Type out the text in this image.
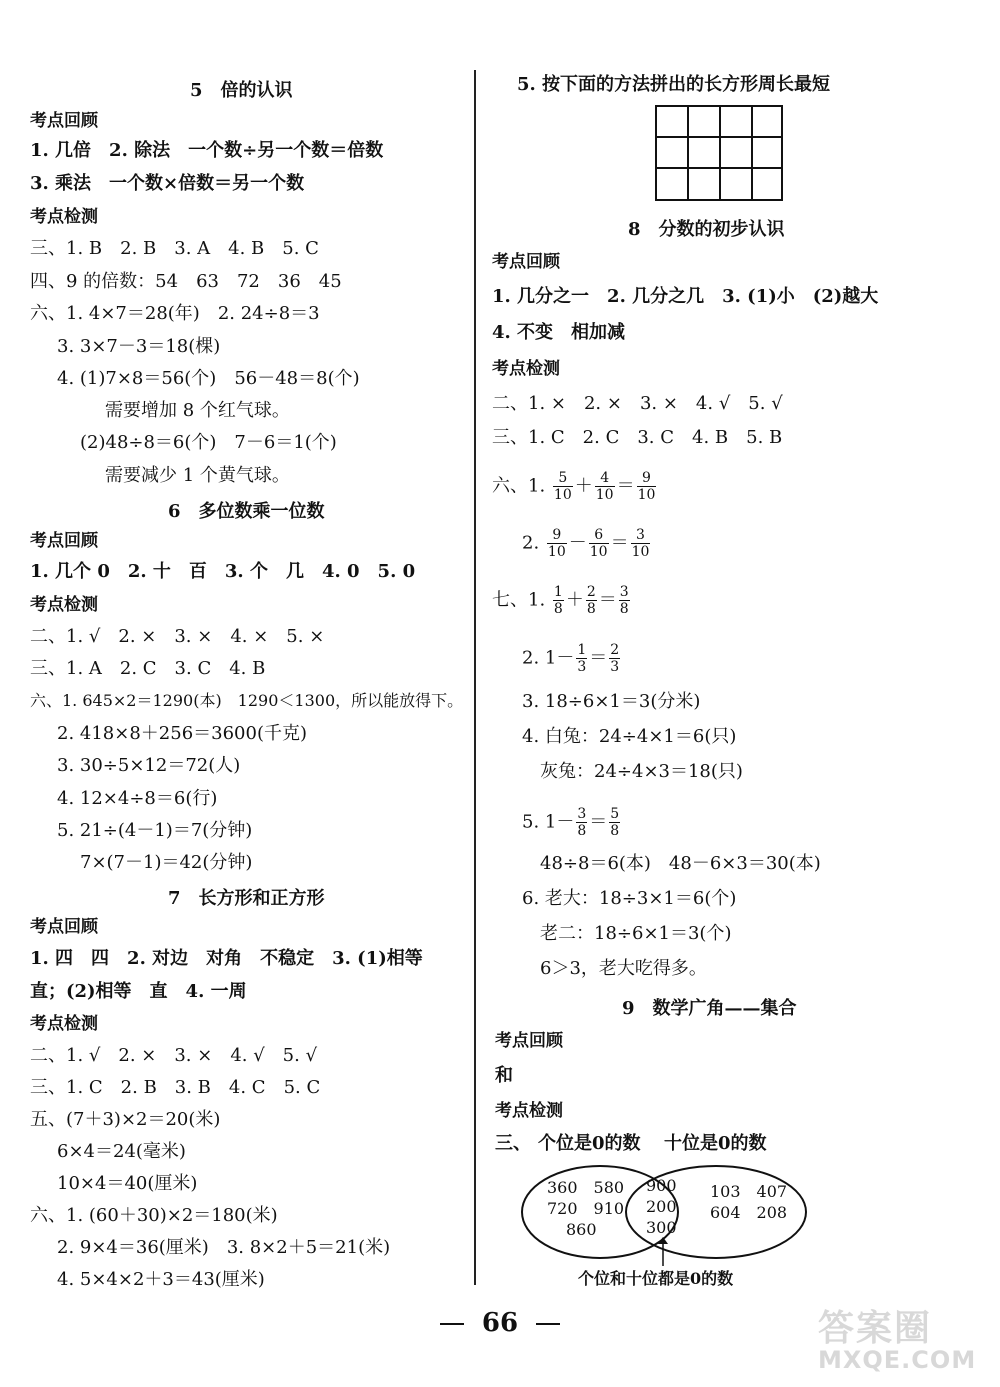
5　倍的认识
考点回顾
1. 几倍　2. 除法　一个数÷另一个数＝倍数
3. 乘法　一个数×倍数＝另一个数
考点检测
三、1. B　2. B　3. A　4. B　5. C
四、9 的倍数：54　63　72　36　45
六、1. 4×7＝28(年)　2. 24÷8＝3
3. 3×7－3＝18(棵)
4. (1)7×8＝56(个)　56－48＝8(个)
需要增加 8 个红气球。
(2)48÷8＝6(个)　7－6＝1(个)
需要减少 1 个黄气球。
6　多位数乘一位数
考点回顾
1. 几个 0　2. 十　百　3. 个　几　4. 0　5. 0
考点检测
二、1. √　2. ×　3. ×　4. ×　5. ×
三、1. A　2. C　3. C　4. B
六、1. 645×2＝1290(本)　1290＜1300，所以能放得下。
2. 418×8＋256＝3600(千克)
3. 30÷5×12＝72(人)
4. 12×4÷8＝6(行)
5. 21÷(4－1)＝7(分钟)
7×(7－1)＝42(分钟)
7　长方形和正方形
考点回顾
1. 四　四　2. 对边　对角　不稳定　3. (1)相等
直；(2)相等　直　4. 一周
考点检测
二、1. √　2. ×　3. ×　4. √　5. √
三、1. C　2. B　3. B　4. C　5. C
五、(7＋3)×2＝20(米)
6×4＝24(毫米)
10×4＝40(厘米)
六、1. (60＋30)×2＝180(米)
2. 9×4＝36(厘米)　3. 8×2＋5＝21(米)
4. 5×4×2＋3＝43(厘米)
5. 按下面的方法拼出的长方形周长最短
8　分数的初步认识
考点回顾
1. 几分之一　2. 几分之几　3. (1)小　(2)越大
4. 不变　相加减
考点检测
二、1. ×　2. ×　3. ×　4. √　5. √
三、1. C　2. C　3. C　4. B　5. B
六、1. $\frac{5}{10} + \frac{4}{10} = \frac{9}{10}$
2. $\frac{9}{10} - \frac{6}{10} = \frac{3}{10}$
七、1. $\frac{1}{8} + \frac{2}{8} = \frac{3}{8}$
2. $1- \frac{1}{3} = \frac{2}{3}$
3. 18÷6×1＝3(分米)
4. 白兔：24÷4×1＝6(只)
灰兔：24÷4×3＝18(只)
5. $1- \frac{3}{8} = \frac{5}{8}$
48÷8＝6(本)　48－6×3＝30(本)
6. 老大：18÷3×1＝6(个)
老二：18÷6×1＝3(个)
6＞3，老大吃得多。
9　数学广角——集合
考点回顾
和
考点检测
三、 个位是0的数 十位是0的数
360　580
720　910
860
900
200
300
103　407
604　208
个位和十位都是0的数
66	答案圈
MXQE.COM
